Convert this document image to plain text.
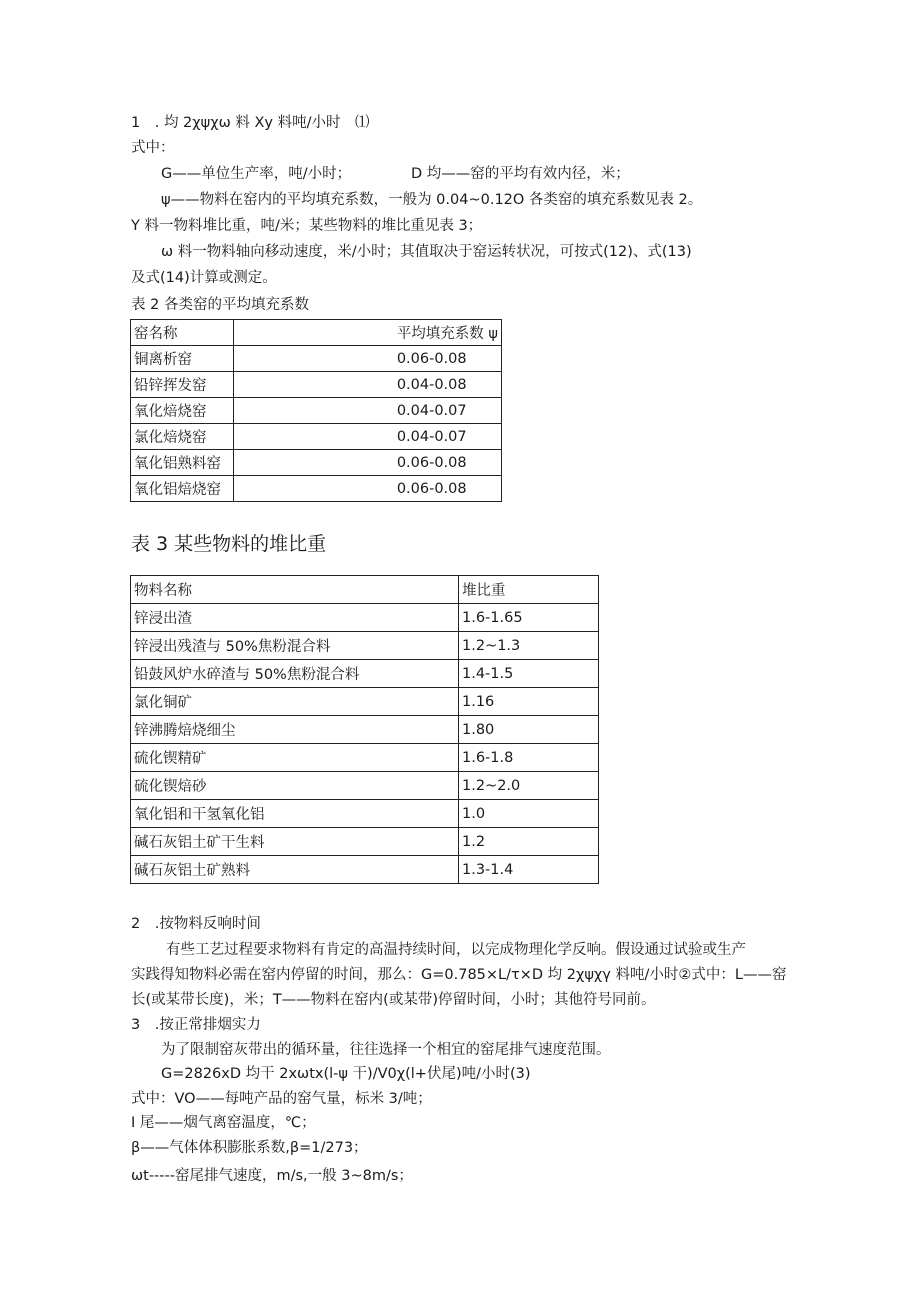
1　. 均 2χψχω 料 Xy 料吨/小时　⑴
式中：
G——单位生产率，吨/小时；	D 均——窑的平均有效内径，米；
ψ——物料在窑内的平均填充系数，一般为 0.04~0.12O 各类窑的填充系数见表 2。
Y 料一物料堆比重，吨/米；某些物料的堆比重见表 3；
ω 料一物料轴向移动速度，米/小时；其值取决于窑运转状况，可按式(12)、式(13)
及式(14)计算或测定。
表 2 各类窑的平均填充系数
窑名称	平均填充系数 ψ
铜离析窑	0.06-0.08
铅锌挥发窑	0.04-0.08
氧化焙烧窑	0.04-0.07
氯化焙烧窑	0.04-0.07
氧化铝熟料窑	0.06-0.08
氧化铝焙烧窑	0.06-0.08
表 3 某些物料的堆比重
物料名称	堆比重
锌浸出渣	1.6-1.65
锌浸出残渣与 50%焦粉混合料	1.2~1.3
铅鼓风炉水碎渣与 50%焦粉混合料	1.4-1.5
氯化铜矿	1.16
锌沸腾焙烧细尘	1.80
硫化锲精矿	1.6-1.8
硫化锲焙砂	1.2~2.0
氧化铝和干氢氧化铝	1.0
碱石灰铝土矿干生料	1.2
碱石灰铝土矿熟料	1.3-1.4
2　.按物料反响时间
有些工艺过程要求物料有肯定的高温持续时间，以完成物理化学反响。假设通过试验或生产
实践得知物料必需在窑内停留的时间，那么：G=0.785×L/τ×D 均 2χψχγ 料吨/小时②式中：L——窑
长(或某带长度)，米；T——物料在窑内(或某带)停留时间，小时；其他符号同前。
3　.按正常排烟实力
为了限制窑灰带出的循环量，往往选择一个相宜的窑尾排气速度范围。
G=2826xD 均干 2xωtx(l-ψ 干)/V0χ(l+伏尾)吨/小时(3)
式中：VO——每吨产品的窑气量，标米 3/吨；
I 尾——烟气离窑温度，℃；
β——气体体积膨胀系数,β=1/273；
ωt-----窑尾排气速度，m/s,一般 3~8m/s；
